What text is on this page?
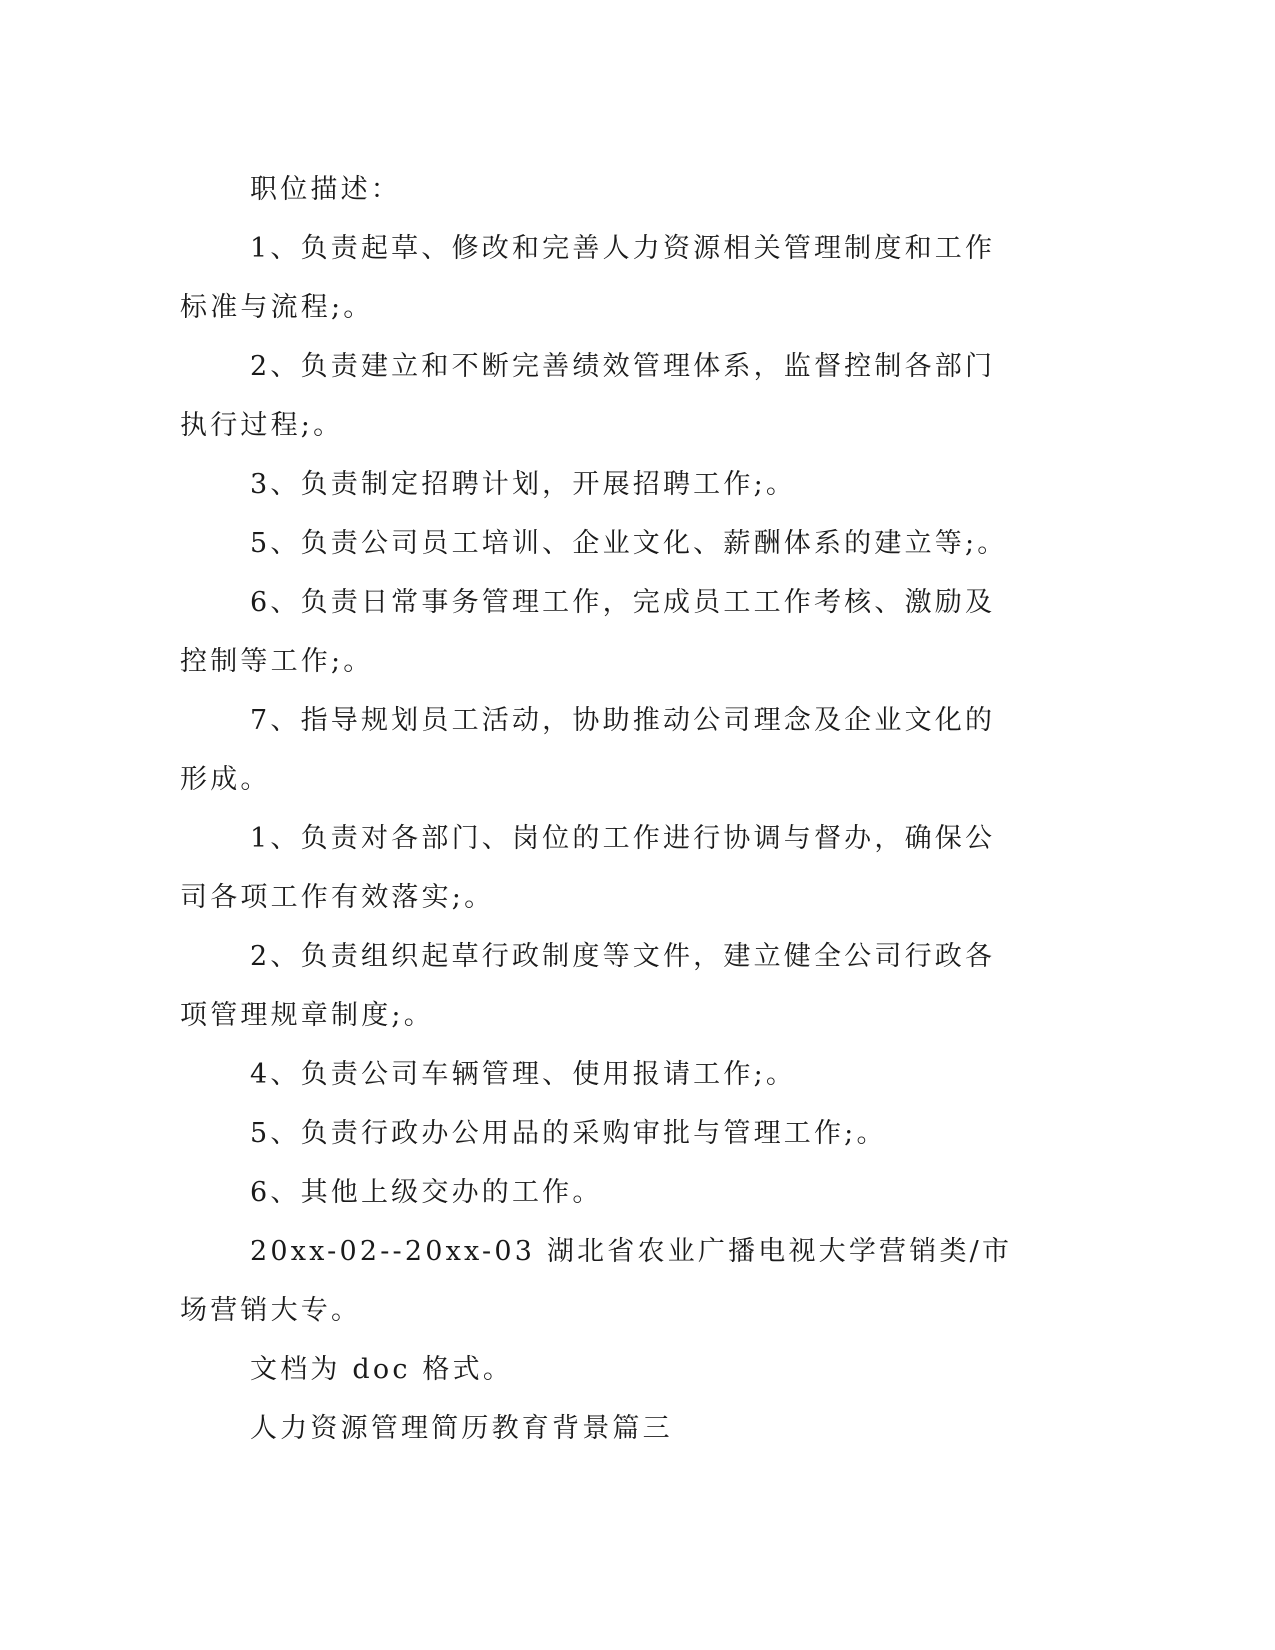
职位描述：

1、负责起草、修改和完善人力资源相关管理制度和工作标准与流程;。

2、负责建立和不断完善绩效管理体系，监督控制各部门执行过程;。

3、负责制定招聘计划，开展招聘工作;。

5、负责公司员工培训、企业文化、薪酬体系的建立等;。

6、负责日常事务管理工作，完成员工工作考核、激励及控制等工作;。

7、指导规划员工活动，协助推动公司理念及企业文化的形成。

1、负责对各部门、岗位的工作进行协调与督办，确保公司各项工作有效落实;。

2、负责组织起草行政制度等文件，建立健全公司行政各项管理规章制度;。

4、负责公司车辆管理、使用报请工作;。

5、负责行政办公用品的采购审批与管理工作;。

6、其他上级交办的工作。

20xx-02--20xx-03 湖北省农业广播电视大学营销类/市场营销大专。

文档为 doc 格式。

人力资源管理简历教育背景篇三
